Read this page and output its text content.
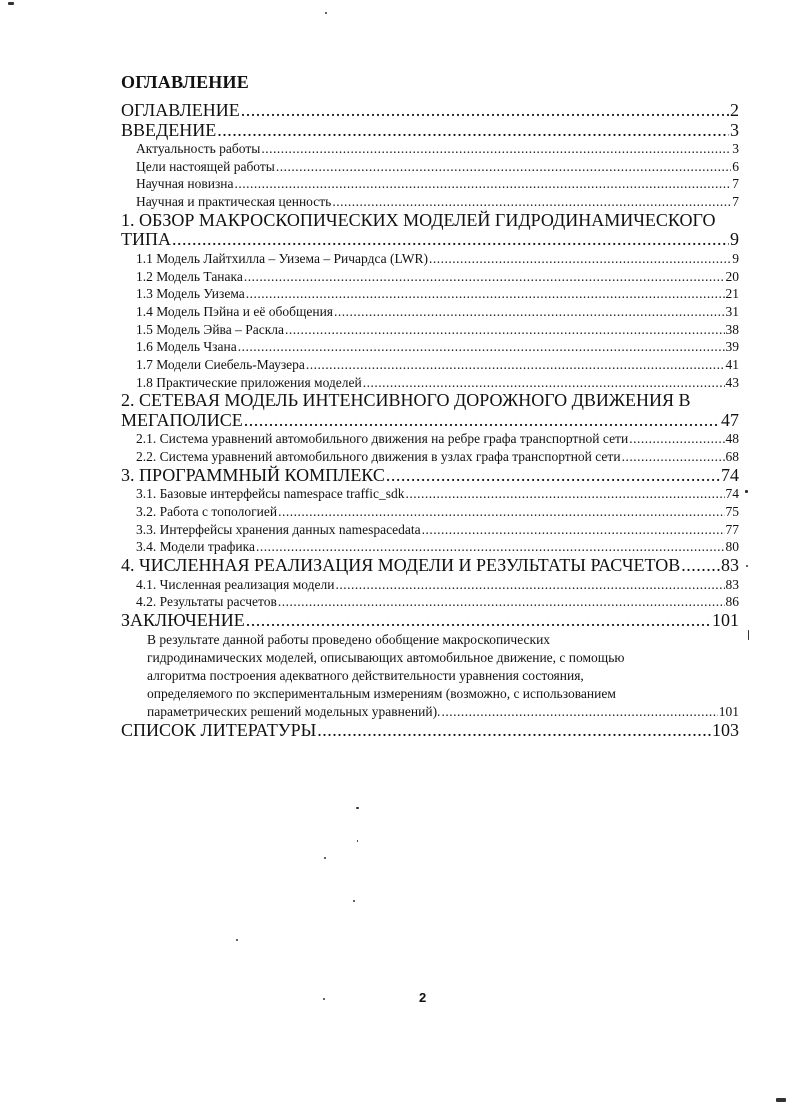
ОГЛАВЛЕНИЕ
ОГЛАВЛЕНИЕ .....	2
ВВЕДЕНИЕ .....	3
Актуальность работы .....	3
Цели настоящей работы .....	6
Научная новизна .....	7
Научная и практическая ценность .....	7
1. ОБЗОР МАКРОСКОПИЧЕСКИХ МОДЕЛЕЙ ГИДРОДИНАМИЧЕСКОГО
ТИПА .....	9
1.1 Модель Лайтхилла – Уизема – Ричардса (LWR) .....	9
1.2 Модель Танака .....	20
1.3 Модель Уизема .....	21
1.4 Модель Пэйна и её обобщения .....	31
1.5 Модель Эйва – Раскла .....	38
1.6 Модель Чзана .....	39
1.7 Модели Сиебель-Маузера .....	41
1.8 Практические приложения моделей .....	43
2. СЕТЕВАЯ МОДЕЛЬ ИНТЕНСИВНОГО ДОРОЖНОГО ДВИЖЕНИЯ В
МЕГАПОЛИСЕ .....	47
2.1. Система уравнений автомобильного движения на ребре графа транспортной сети .....	48
2.2. Система уравнений автомобильного движения в узлах графа транспортной сети .....	68
3. ПРОГРАММНЫЙ КОМПЛЕКС .....	74
3.1. Базовые интерфейсы namespace traffic_sdk .....	74
3.2. Работа с топологией .....	75
3.3. Интерфейсы хранения данных namespacedata .....	77
3.4. Модели трафика .....	80
4. ЧИСЛЕННАЯ РЕАЛИЗАЦИЯ МОДЕЛИ И РЕЗУЛЬТАТЫ РАСЧЕТОВ ..... 83
4.1. Численная реализация модели .....	83
4.2. Результаты расчетов .....	86
ЗАКЛЮЧЕНИЕ .....	101
В результате данной работы проведено обобщение макроскопических
гидродинамических моделей, описывающих автомобильное движение, с помощью
алгоритма построения адекватного действительности уравнения состояния,
определяемого по экспериментальным измерениям (возможно, с использованием
параметрических решений модельных уравнений). .....	101
СПИСОК ЛИТЕРАТУРЫ .....	103
2
